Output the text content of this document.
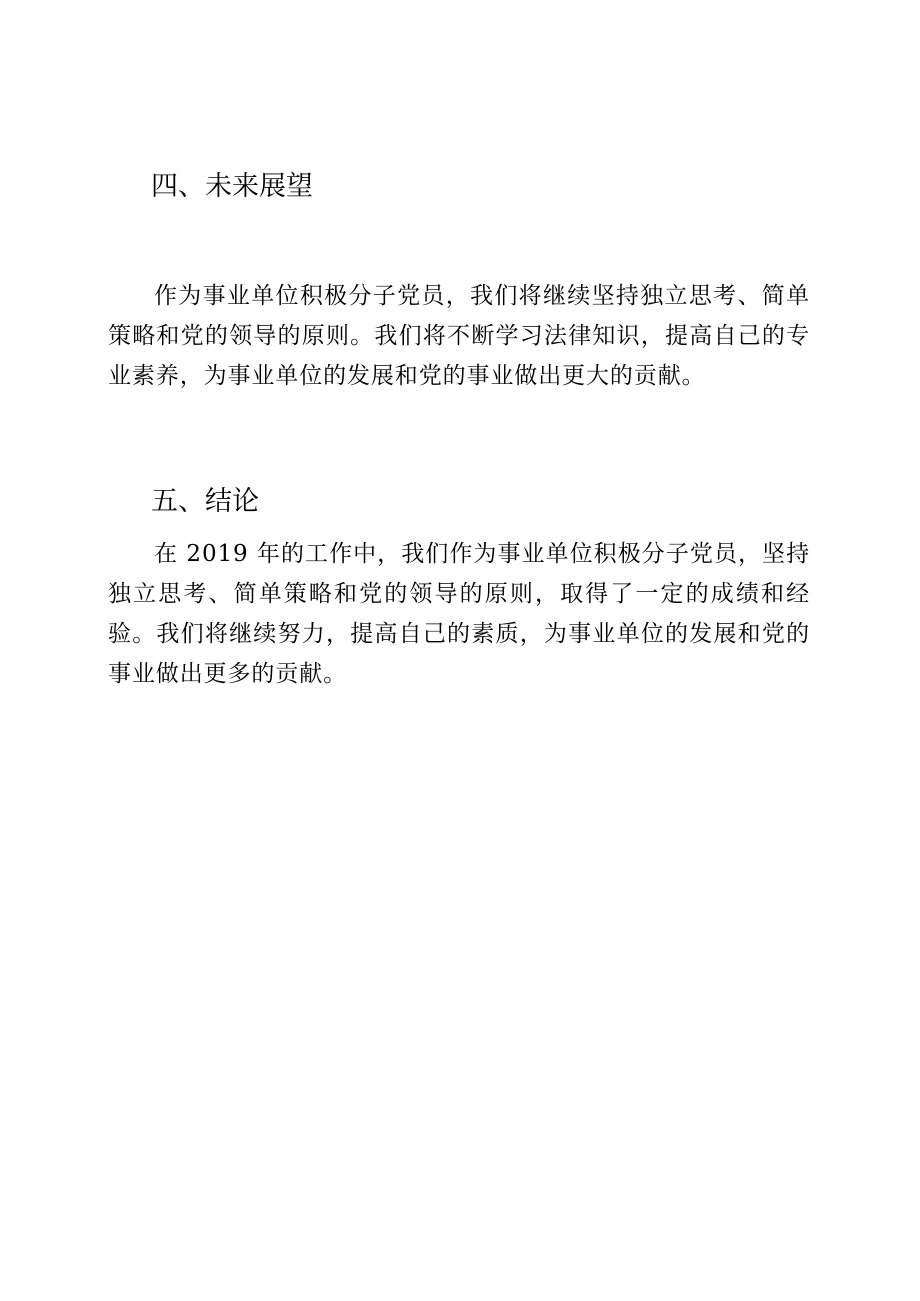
四、未来展望

作为事业单位积极分子党员，我们将继续坚持独立思考、简单策略和党的领导的原则。我们将不断学习法律知识，提高自己的专业素养，为事业单位的发展和党的事业做出更大的贡献。

五、结论

在 2019 年的工作中，我们作为事业单位积极分子党员，坚持独立思考、简单策略和党的领导的原则，取得了一定的成绩和经验。我们将继续努力，提高自己的素质，为事业单位的发展和党的事业做出更多的贡献。
